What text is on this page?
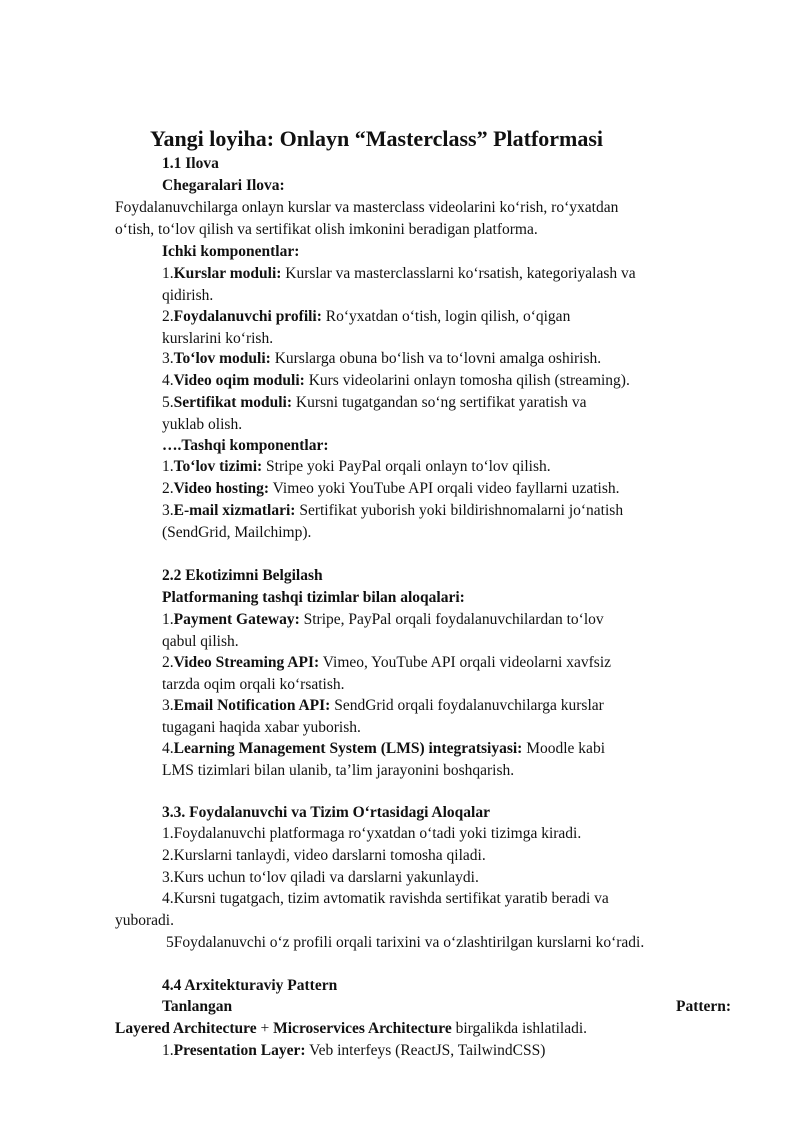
Yangi loyiha: Onlayn “Masterclass” Platformasi
1.1 Ilova
Chegaralari Ilova:
Foydalanuvchilarga onlayn kurslar va masterclass videolarini ko‘rish, ro‘yxatdan
o‘tish, to‘lov qilish va sertifikat olish imkonini beradigan platforma.
Ichki komponentlar:
1.Kurslar moduli: Kurslar va masterclasslarni ko‘rsatish, kategoriyalash va
qidirish.
2.Foydalanuvchi profili: Ro‘yxatdan o‘tish, login qilish, o‘qigan
kurslarini ko‘rish.
3.To‘lov moduli: Kurslarga obuna bo‘lish va to‘lovni amalga oshirish.
4.Video oqim moduli: Kurs videolarini onlayn tomosha qilish (streaming).
5.Sertifikat moduli: Kursni tugatgandan so‘ng sertifikat yaratish va
yuklab olish.
….Tashqi komponentlar:
1.To‘lov tizimi: Stripe yoki PayPal orqali onlayn to‘lov qilish.
2.Video hosting: Vimeo yoki YouTube API orqali video fayllarni uzatish.
3.E-mail xizmatlari: Sertifikat yuborish yoki bildirishnomalarni jo‘natish
(SendGrid, Mailchimp).
2.2 Ekotizimni Belgilash
Platformaning tashqi tizimlar bilan aloqalari:
1.Payment Gateway: Stripe, PayPal orqali foydalanuvchilardan to‘lov
qabul qilish.
2.Video Streaming API: Vimeo, YouTube API orqali videolarni xavfsiz
tarzda oqim orqali ko‘rsatish.
3.Email Notification API: SendGrid orqali foydalanuvchilarga kurslar
tugagani haqida xabar yuborish.
4.Learning Management System (LMS) integratsiyasi: Moodle kabi
LMS tizimlari bilan ulanib, ta’lim jarayonini boshqarish.
3.3. Foydalanuvchi va Tizim O‘rtasidagi Aloqalar
1.Foydalanuvchi platformaga ro‘yxatdan o‘tadi yoki tizimga kiradi.
2.Kurslarni tanlaydi, video darslarni tomosha qiladi.
3.Kurs uchun to‘lov qiladi va darslarni yakunlaydi.
4.Kursni tugatgach, tizim avtomatik ravishda sertifikat yaratib beradi va
yuboradi.
5Foydalanuvchi o‘z profili orqali tarixini va o‘zlashtirilgan kurslarni ko‘radi.
4.4 Arxitekturaviy Pattern
Tanlangan	Pattern:
Layered Architecture + Microservices Architecture birgalikda ishlatiladi.
1.Presentation Layer: Veb interfeys (ReactJS, TailwindCSS)
